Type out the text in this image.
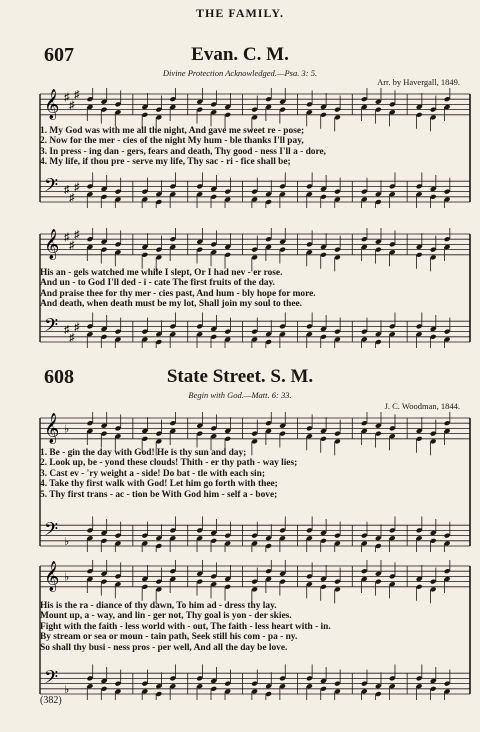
THE FAMILY.
607	Evan. C. M.
Divine Protection Acknowledged.—Psa. 3: 5.
Arr. by Havergall, 1849.
𝄞
𝄢
♯
♯
♯
♯
♯
♯
1. My God was with me all the night, And gave me sweet re - pose;
2. Now for the mer - cies of the night My hum - ble thanks I'll pay,
3. In press - ing dan - gers, fears and death, Thy good - ness I'll a - dore,
4. My life, if thou pre - serve my life, Thy sac - ri - fice shall be;
𝄞
𝄢
♯
♯
♯
♯
♯
♯
His an - gels watched me while I slept, Or I had nev - er rose.
And un - to God I'll ded - i - cate The first fruits of the day.
And praise thee for thy mer - cies past, And hum - bly hope for more.
And death, when death must be my lot, Shall join my soul to thee.
608	State Street. S. M.
Begin with God.—Matt. 6: 33.
J. C. Woodman, 1844.
𝄞
𝄢
♭
♭
1. Be - gin the day with God! He is thy sun and day;
2. Look up, be - yond these clouds! Thith - er thy path - way lies;
3. Cast ev - 'ry weight a - side! Do bat - tle with each sin;
4. Take thy first walk with God! Let him go forth with thee;
5. Thy first trans - ac - tion be With God him - self a - bove;
𝄞
𝄢
♭
♭
His is the ra - diance of thy dawn, To him ad - dress thy lay.
Mount up, a - way, and lin - ger not, Thy goal is yon - der skies.
Fight with the faith - less world with - out, The faith - less heart with - in.
By stream or sea or moun - tain path, Seek still his com - pa - ny.
So shall thy busi - ness pros - per well, And all the day be love.
(382)
